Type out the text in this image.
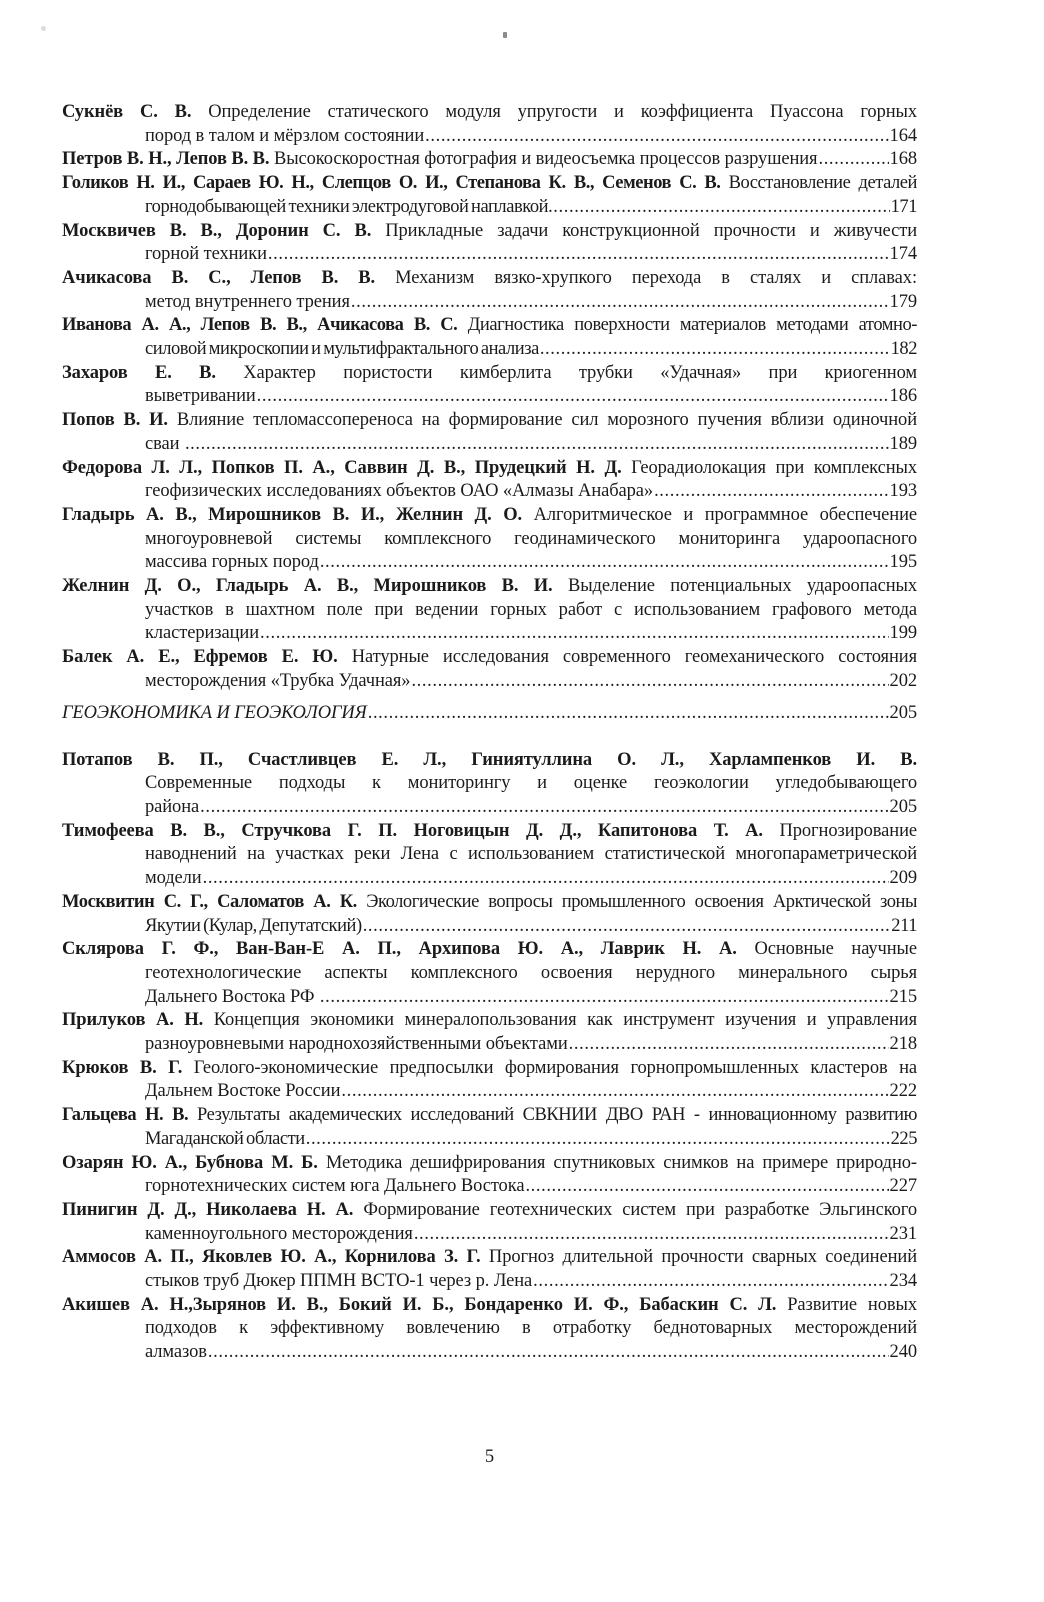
Сукнёв С. В. Определение статического модуля упругости и коэффициента Пуассона горных
пород в талом и мёрзлом состоянии .....	164
Петров В. Н., Лепов В. В. Высокоскоростная фотография и видеосъемка процессов разрушения .....	168
Голиков Н. И., Сараев Ю. Н., Слепцов О. И., Степанова К. В., Семенов С. В. Восстановление деталей
горнодобывающей техники электродуговой наплавкой. .....	171
Москвичев В. В., Доронин С. В. Прикладные задачи конструкционной прочности и живучести
горной техники .....	174
Ачикасова В. С., Лепов В. В. Механизм вязко-хрупкого перехода в сталях и сплавах:
метод внутреннего трения .....	179
Иванова А. А., Лепов В. В., Ачикасова В. С. Диагностика поверхности материалов методами атомно-
силовой микроскопии и мультифрактального анализа .....	182
Захаров Е. В. Характер пористости кимберлита трубки «Удачная» при криогенном
выветривании .....	186
Попов В. И. Влияние тепломассопереноса на формирование сил морозного пучения вблизи одиночной
сваи .....	189
Федорова Л. Л., Попков П. А., Саввин Д. В., Прудецкий Н. Д. Георадиолокация при комплексных
геофизических исследованиях объектов ОАО «Алмазы Анабара» .....	193
Гладырь А. В., Мирошников В. И., Желнин Д. О. Алгоритмическое и программное обеспечение
многоуровневой системы комплексного геодинамического мониторинга удароопасного
массива горных пород .....	195
Желнин Д. О., Гладырь А. В., Мирошников В. И. Выделение потенциальных удароопасных
участков в шахтном поле при ведении горных работ с использованием графового метода
кластеризации .....	199
Балек А. Е., Ефремов Е. Ю. Натурные исследования современного геомеханического состояния
месторождения «Трубка Удачная» .....	202
ГЕОЭКОНОМИКА И ГЕОЭКОЛОГИЯ .....	205
Потапов В. П., Счастливцев Е. Л., Гиниятуллина О. Л., Харлампенков И. В.
Современные подходы к мониторингу и оценке геоэкологии угледобывающего
района .....	205
Тимофеева В. В., Стручкова Г. П. Ноговицын Д. Д., Капитонова Т. А. Прогнозирование
наводнений на участках реки Лена с использованием статистической многопараметрической
модели .....	209
Москвитин С. Г., Саломатов А. К. Экологические вопросы промышленного освоения Арктической зоны
Якутии (Кулар, Депутатский) .....	211
Склярова Г. Ф., Ван-Ван-Е А. П., Архипова Ю. А., Лаврик Н. А. Основные научные
геотехнологические аспекты комплексного освоения нерудного минерального сырья
Дальнего Востока РФ .....	215
Прилуков А. Н. Концепция экономики минералопользования как инструмент изучения и управления
разноуровневыми народнохозяйственными объектами .....	218
Крюков В. Г. Геолого-экономические предпосылки формирования горнопромышленных кластеров на
Дальнем Востоке России .....	222
Гальцева Н. В. Результаты академических исследований СВКНИИ ДВО РАН - инновационному развитию
Магаданской области .....	225
Озарян Ю. А., Бубнова М. Б. Методика дешифрирования спутниковых снимков на примере природно-
горнотехнических систем юга Дальнего Востока .....	227
Пинигин Д. Д., Николаева Н. А. Формирование геотехнических систем при разработке Эльгинского
каменноугольного месторождения .....	231
Аммосов А. П., Яковлев Ю. А., Корнилова З. Г. Прогноз длительной прочности сварных соединений
стыков труб Дюкер ППМН ВСТО-1 через р. Лена .....	234
Акишев А. Н.,Зырянов И. В., Бокий И. Б., Бондаренко И. Ф., Бабаскин С. Л. Развитие новых
подходов к эффективному вовлечению в отработку беднотоварных месторождений
алмазов .....	240
5
